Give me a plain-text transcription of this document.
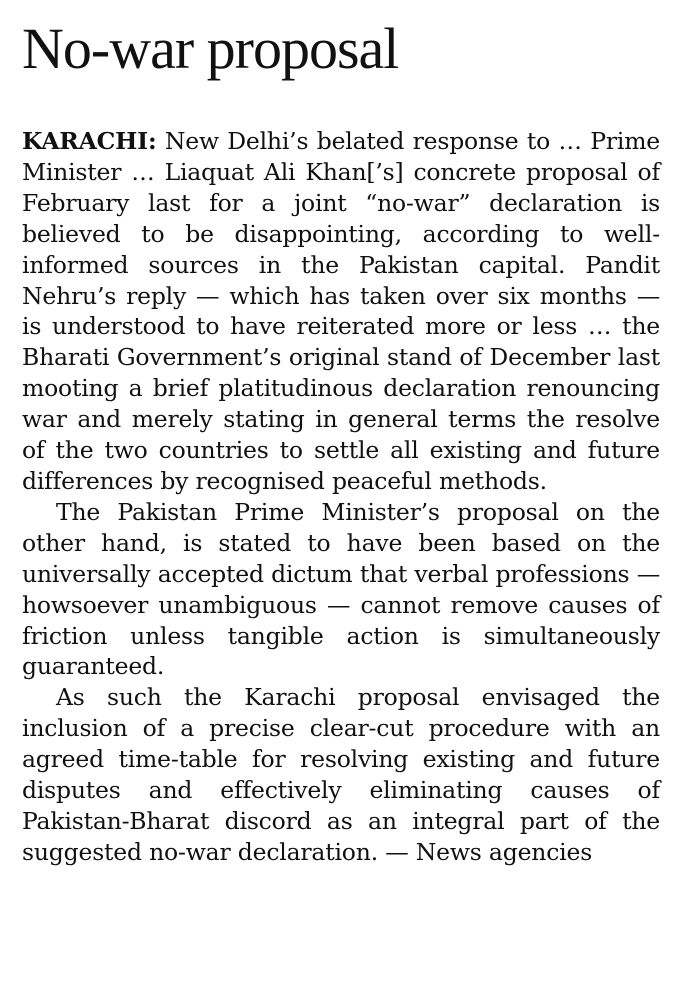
No-war proposal

KARACHI: New Delhi’s belated response to … Prime Minister … Liaquat Ali Khan[’s] concrete proposal of February last for a joint “no-war” declaration is believed to be disappointing, according to well-informed sources in the Pakistan capital. Pandit Nehru’s reply — which has taken over six months — is understood to have reiterated more or less … the Bharati Government’s original stand of December last mooting a brief platitudinous declaration renouncing war and merely stating in general terms the resolve of the two countries to settle all existing and future differences by recognised peaceful methods.

The Pakistan Prime Minister’s proposal on the other hand, is stated to have been based on the universally accepted dictum that verbal professions — howsoever unambiguous — cannot remove causes of friction unless tangible action is simultaneously guaranteed.

As such the Karachi proposal envisaged the inclusion of a precise clear-cut procedure with an agreed time-table for resolving existing and future disputes and effectively eliminating causes of Pakistan-Bharat discord as an integral part of the suggested no-war declaration. — News agencies
